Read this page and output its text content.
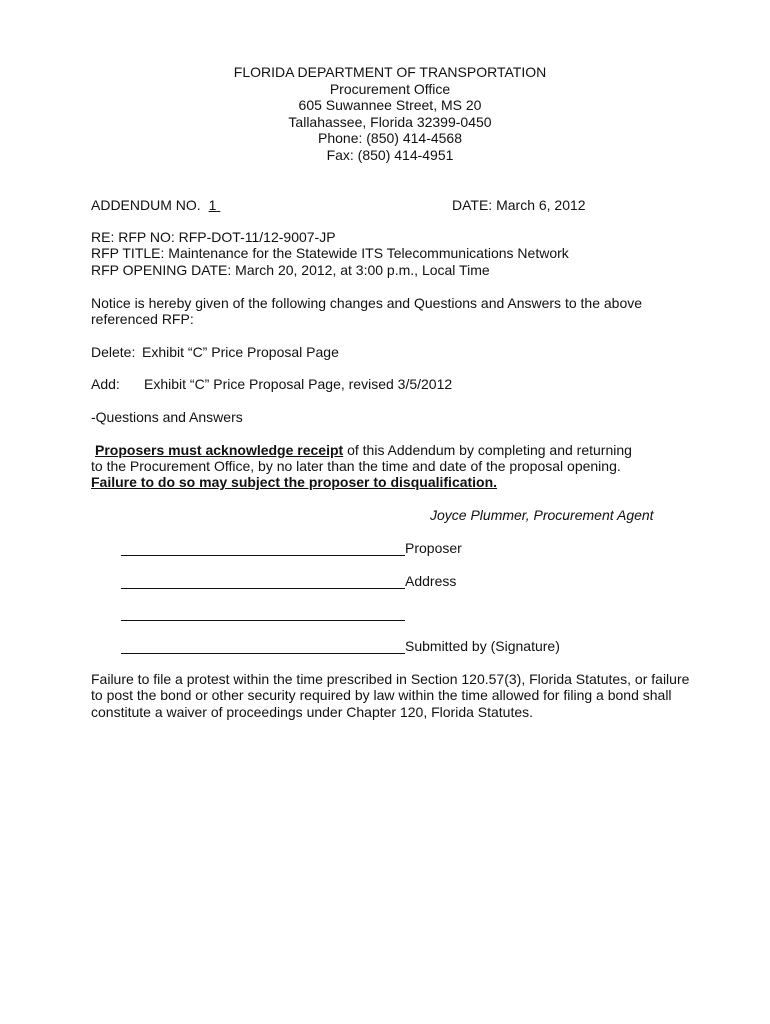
FLORIDA DEPARTMENT OF TRANSPORTATION
Procurement Office
605 Suwannee Street, MS 20
Tallahassee, Florida 32399-0450
Phone: (850) 414-4568
Fax: (850) 414-4951
ADDENDUM NO. 1	DATE: March 6, 2012
RE: RFP NO: RFP-DOT-11/12-9007-JP
RFP TITLE: Maintenance for the Statewide ITS Telecommunications Network
RFP OPENING DATE: March 20, 2012, at 3:00 p.m., Local Time
Notice is hereby given of the following changes and Questions and Answers to the above
referenced RFP:
Delete: Exhibit “C” Price Proposal Page
Add: Exhibit “C” Price Proposal Page, revised 3/5/2012
-Questions and Answers
Proposers must acknowledge receipt of this Addendum by completing and returning
to the Procurement Office, by no later than the time and date of the proposal opening.
Failure to do so may subject the proposer to disqualification.
Joyce Plummer, Procurement Agent
Proposer
Address
Submitted by (Signature)
Failure to file a protest within the time prescribed in Section 120.57(3), Florida Statutes, or failure
to post the bond or other security required by law within the time allowed for filing a bond shall
constitute a waiver of proceedings under Chapter 120, Florida Statutes.
